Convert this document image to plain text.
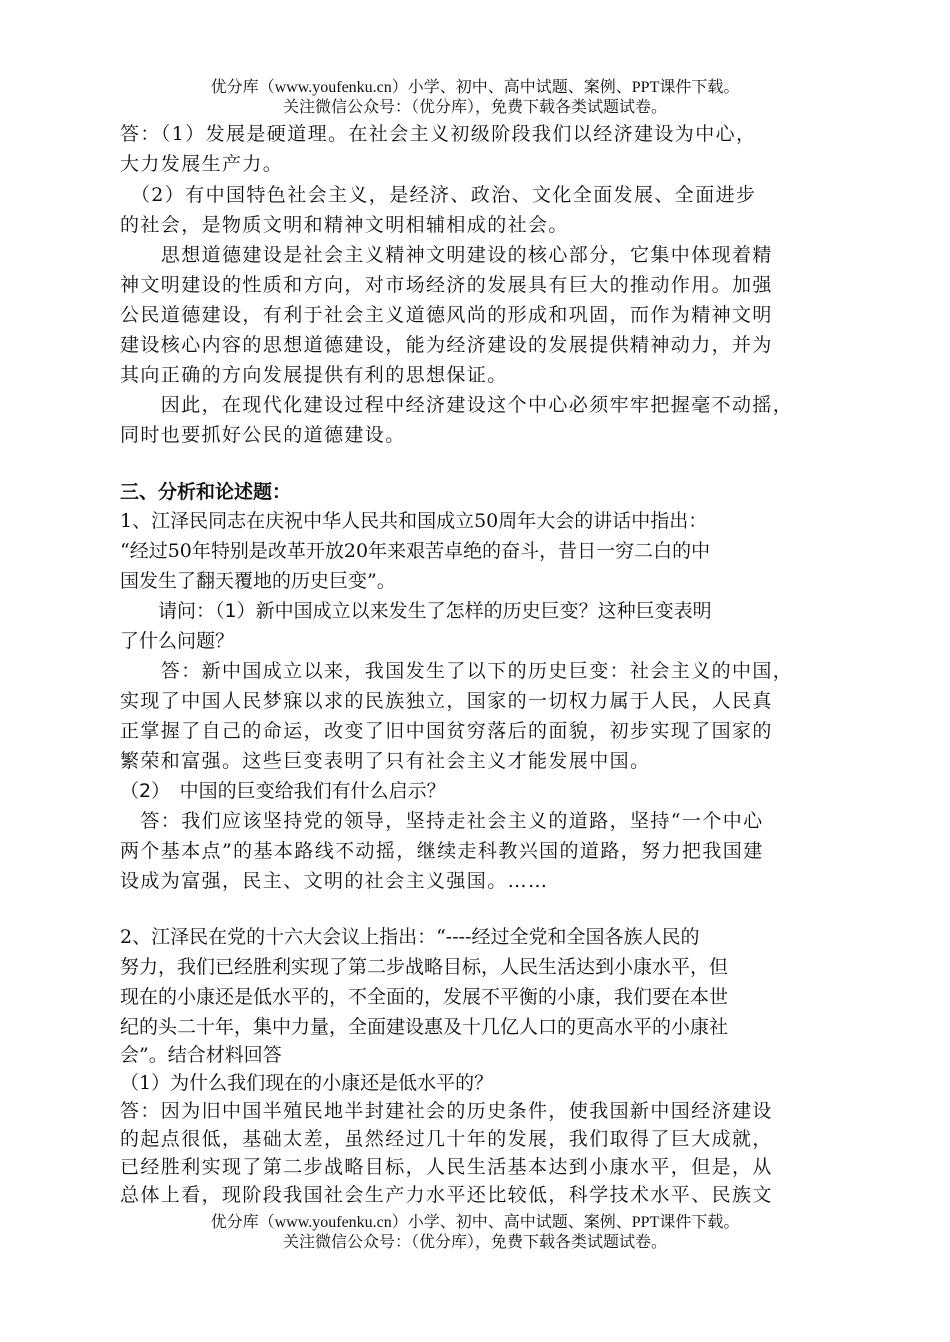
优分库（www.youfenku.cn）小学、初中、高中试题、案例、PPT课件下载。
关注微信公众号：（优分库），免费下载各类试题试卷。
答：（1）发展是硬道理。在社会主义初级阶段我们以经济建设为中心，
大力发展生产力。
　（2）有中国特色社会主义，是经济、政治、文化全面发展、全面进步
的社会，是物质文明和精神文明相辅相成的社会。
　　思想道德建设是社会主义精神文明建设的核心部分，它集中体现着精
神文明建设的性质和方向，对市场经济的发展具有巨大的推动作用。加强
公民道德建设，有利于社会主义道德风尚的形成和巩固，而作为精神文明
建设核心内容的思想道德建设，能为经济建设的发展提供精神动力，并为
其向正确的方向发展提供有利的思想保证。
　　因此，在现代化建设过程中经济建设这个中心必须牢牢把握毫不动摇，
同时也要抓好公民的道德建设。
三、分析和论述题：
1、江泽民同志在庆祝中华人民共和国成立50周年大会的讲话中指出：
“经过50年特别是改革开放20年来艰苦卓绝的奋斗，昔日一穷二白的中
国发生了翻天覆地的历史巨变”。
　　请问：（1）新中国成立以来发生了怎样的历史巨变？这种巨变表明
了什么问题？
　　答：新中国成立以来，我国发生了以下的历史巨变：社会主义的中国，
实现了中国人民梦寐以求的民族独立，国家的一切权力属于人民，人民真
正掌握了自己的命运，改变了旧中国贫穷落后的面貌，初步实现了国家的
繁荣和富强。这些巨变表明了只有社会主义才能发展中国。
（2）　中国的巨变给我们有什么启示？
　答：我们应该坚持党的领导，坚持走社会主义的道路，坚持“一个中心
两个基本点”的基本路线不动摇，继续走科教兴国的道路，努力把我国建
设成为富强，民主、文明的社会主义强国。……
2、江泽民在党的十六大会议上指出：“----经过全党和全国各族人民的
努力，我们已经胜利实现了第二步战略目标，人民生活达到小康水平，但
现在的小康还是低水平的，不全面的，发展不平衡的小康，我们要在本世
纪的头二十年，集中力量，全面建设惠及十几亿人口的更高水平的小康社
会”。结合材料回答
（1）为什么我们现在的小康还是低水平的？
答：因为旧中国半殖民地半封建社会的历史条件，使我国新中国经济建设
的起点很低，基础太差，虽然经过几十年的发展，我们取得了巨大成就，
已经胜利实现了第二步战略目标，人民生活基本达到小康水平，但是，从
总体上看，现阶段我国社会生产力水平还比较低，科学技术水平、民族文
优分库（www.youfenku.cn）小学、初中、高中试题、案例、PPT课件下载。
关注微信公众号：（优分库），免费下载各类试题试卷。
